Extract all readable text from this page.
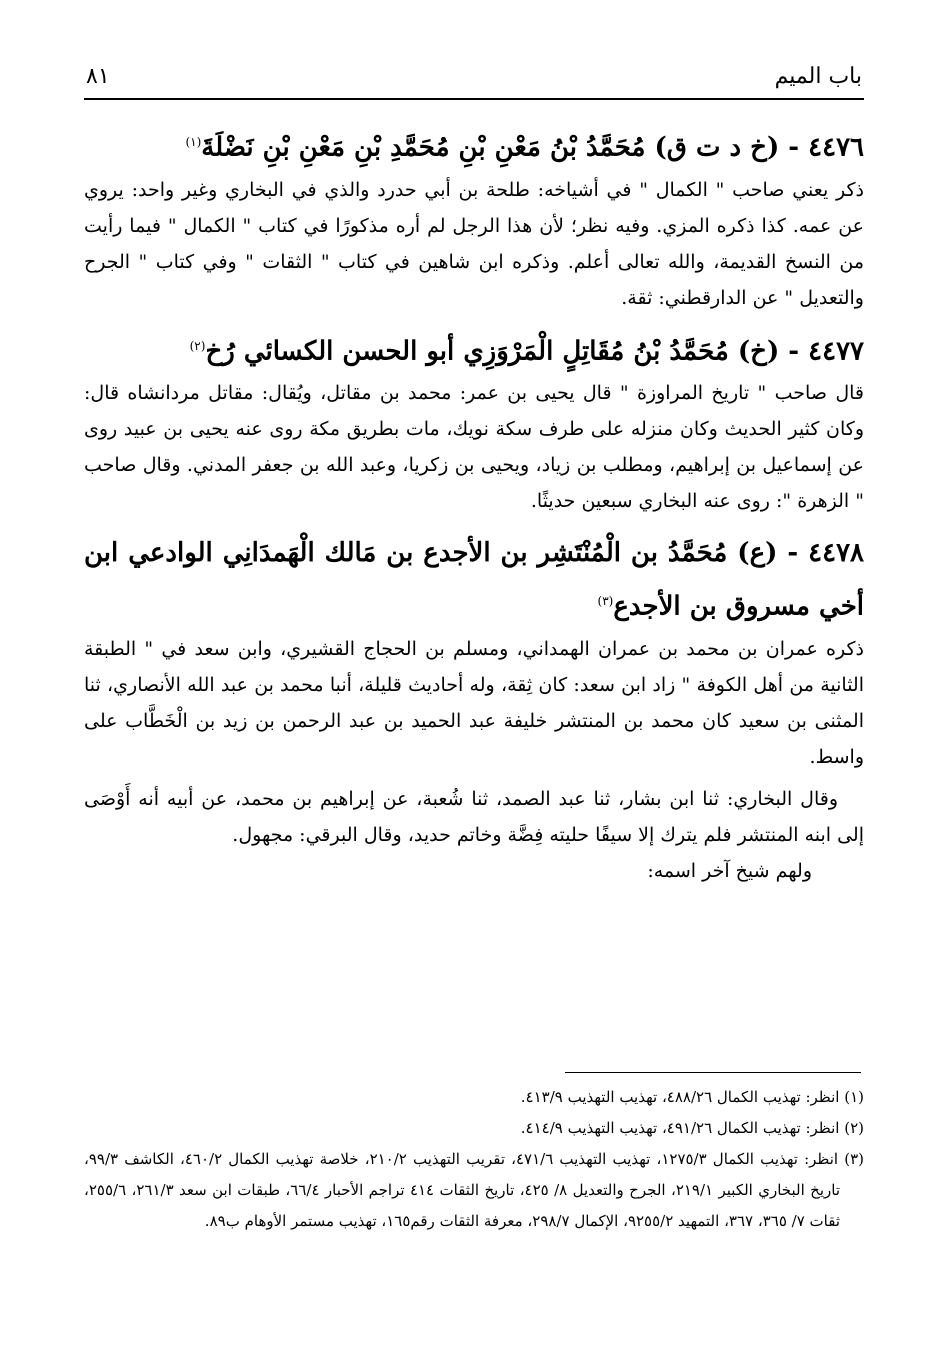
باب الميم
٨١
٤٤٧٦ - (خ د ت ق) مُحَمَّدُ بْنُ مَعْنِ بْنِ مُحَمَّدِ بْنِ مَعْنِ بْنِ نَضْلَةَ$^{(١)}$

ذكر يعني صاحب " الكمال " في أشياخه: طلحة بن أبي حدرد والذي في البخاري وغير واحد: يروي عن عمه. كذا ذكره المزي. وفيه نظر؛ لأن هذا الرجل لم أره مذكورًا في كتاب " الكمال " فيما رأيت من النسخ القديمة، والله تعالى أعلم. وذكره ابن شاهين في كتاب " الثقات " وفي كتاب " الجرح والتعديل " عن الدارقطني: ثقة.

٤٤٧٧ - (خ) مُحَمَّدُ بْنُ مُقَاتِلٍ الْمَرْوَزِي أبو الحسن الكسائي رُخ$^{(٢)}$

قال صاحب " تاريخ المراوزة " قال يحيى بن عمر: محمد بن مقاتل، ويُقال: مقاتل مردانشاه قال: وكان كثير الحديث وكان منزله على طرف سكة نويك، مات بطريق مكة روى عنه يحيى بن عبيد روى عن إسماعيل بن إبراهيم، ومطلب بن زياد، ويحيى بن زكريا، وعبد الله بن جعفر المدني. وقال صاحب " الزهرة ": روى عنه البخاري سبعين حديثًا.

٤٤٧٨ - (ع) مُحَمَّدُ بن الْمُنْتَشِر بن الأجدع بن مَالك الْهَمدَانِي الوادعي ابن أخي مسروق بن الأجدع$^{(٣)}$

ذكره عمران بن محمد بن عمران الهمداني، ومسلم بن الحجاج القشيري، وابن سعد في " الطبقة الثانية من أهل الكوفة " زاد ابن سعد: كان ثِقة، وله أحاديث قليلة، أنبا محمد بن عبد الله الأنصاري، ثنا المثنى بن سعيد كان محمد بن المنتشر خليفة عبد الحميد بن عبد الرحمن بن زيد بن الْخَطَّاب على واسط.

وقال البخاري: ثنا ابن بشار، ثنا عبد الصمد، ثنا شُعبة، عن إبراهيم بن محمد، عن أبيه أنه أَوْصَى إلى ابنه المنتشر فلم يترك إلا سيفًا حليته فِضَّة وخاتم حديد، وقال البرقي: مجهول.

ولهم شيخ آخر اسمه:

(١) انظر: تهذيب الكمال ٤٨٨/٢٦، تهذيب التهذيب ٤١٣/٩.

(٢) انظر: تهذيب الكمال ٤٩١/٢٦، تهذيب التهذيب ٤١٤/٩.

(٣) انظر: تهذيب الكمال ١٢٧٥/٣، تهذيب التهذيب ٤٧١/٦، تقريب التهذيب ٢١٠/٢، خلاصة تهذيب الكمال ٤٦٠/٢، الكاشف ٩٩/٣، تاريخ البخاري الكبير ٢١٩/١، الجرح والتعديل ٨/ ٤٢٥، تاريخ الثقات ٤١٤ تراجم الأحبار ٦٦/٤، طبقات ابن سعد ٢٦١/٣، ٢٥٥/٦، ثقات ٧/ ٣٦٥، ٣٦٧، التمهيد ٩٢٥٥/٢، الإكمال ٢٩٨/٧، معرفة الثقات رقم١٦٥، تهذيب مستمر الأوهام ب٨٩.
